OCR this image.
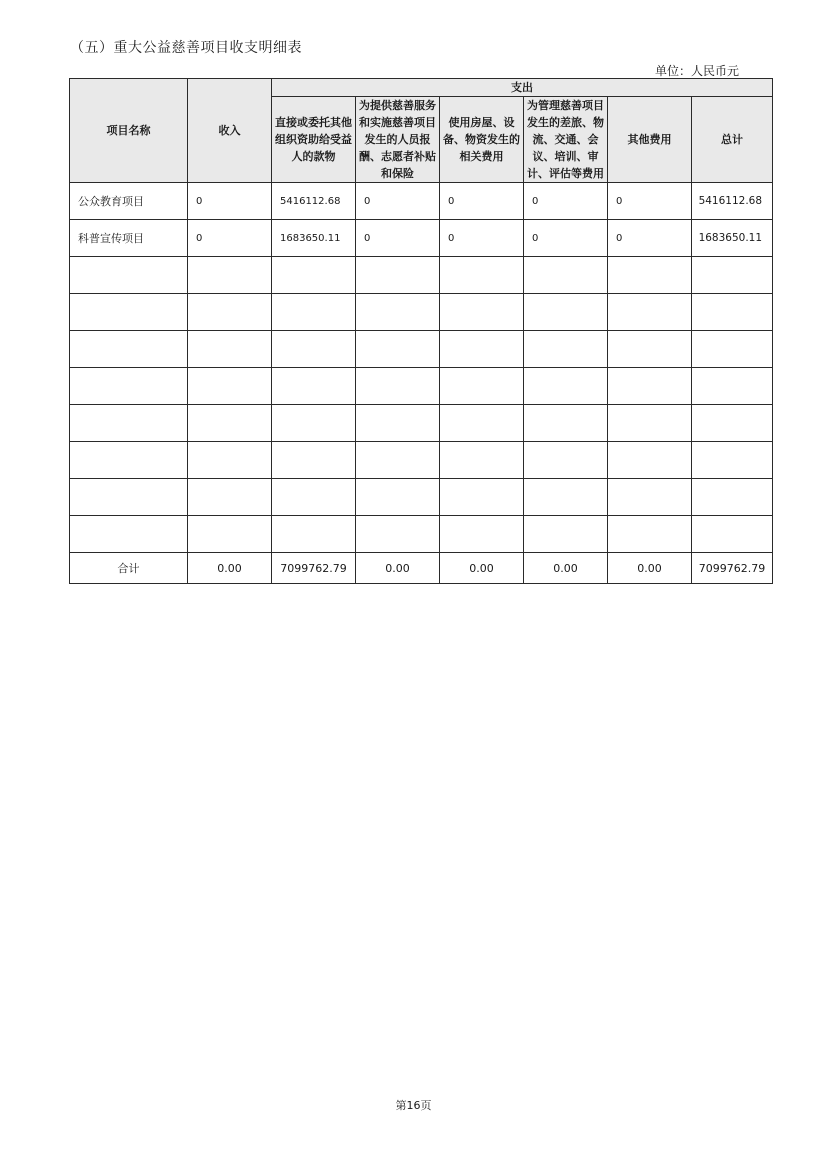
（五）重大公益慈善项目收支明细表
单位：人民币元
项目名称	收入	支出					
		直接或委托其他组织资助给受益人的款物	为提供慈善服务和实施慈善项目发生的人员报酬、志愿者补贴和保险	使用房屋、设备、物资发生的相关费用	为管理慈善项目发生的差旅、物流、交通、会议、培训、审计、评估等费用	其他费用	总计
公众教育项目	0	5416112.68	0	0	0	0	5416112.68
科普宣传项目	0	1683650.11	0	0	0	0	1683650.11

合计	0.00	7099762.79	0.00	0.00	0.00	0.00	7099762.79
第16页
